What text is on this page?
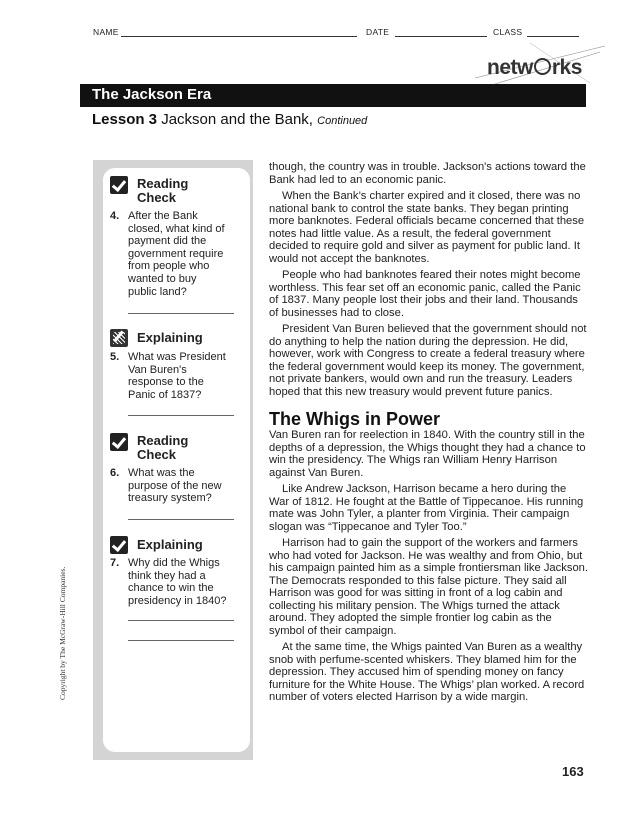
NAME	DATE	CLASS
netw rks
The Jackson Era
Lesson 3 Jackson and the Bank, Continued
Reading
Check
4. After the Bank
closed, what kind of
payment did the
government require
from people who
wanted to buy
public land?
Explaining
5. What was President
Van Buren's
response to the
Panic of 1837?
Reading
Check
6. What was the
purpose of the new
treasury system?
Explaining
7. Why did the Whigs
think they had a
chance to win the
presidency in 1840?
Copyright by The McGraw-Hill Companies.

though, the country was in trouble. Jackson's actions toward the Bank had led to an economic panic.

When the Bank’s charter expired and it closed, there was no national bank to control the state banks. They began printing more banknotes. Federal officials became concerned that these notes had little value. As a result, the federal government decided to require gold and silver as payment for public land. It would not accept the banknotes.

People who had banknotes feared their notes might become worthless. This fear set off an economic panic, called the Panic of 1837. Many people lost their jobs and their land. Thousands of businesses had to close.

President Van Buren believed that the government should not do anything to help the nation during the depression. He did, however, work with Congress to create a federal treasury where the federal government would keep its money. The government, not private bankers, would own and run the treasury. Leaders hoped that this new treasury would prevent future panics.

The Whigs in Power

Van Buren ran for reelection in 1840. With the country still in the depths of a depression, the Whigs thought they had a chance to win the presidency. The Whigs ran William Henry Harrison against Van Buren.

Like Andrew Jackson, Harrison became a hero during the War of 1812. He fought at the Battle of Tippecanoe. His running mate was John Tyler, a planter from Virginia. Their campaign slogan was “Tippecanoe and Tyler Too.”

Harrison had to gain the support of the workers and farmers who had voted for Jackson. He was wealthy and from Ohio, but his campaign painted him as a simple frontiersman like Jackson. The Democrats responded to this false picture. They said all Harrison was good for was sitting in front of a log cabin and collecting his military pension. The Whigs turned the attack around. They adopted the simple frontier log cabin as the symbol of their campaign.

At the same time, the Whigs painted Van Buren as a wealthy snob with perfume-scented whiskers. They blamed him for the depression. They accused him of spending money on fancy furniture for the White House. The Whigs’ plan worked. A record number of voters elected Harrison by a wide margin.

163
